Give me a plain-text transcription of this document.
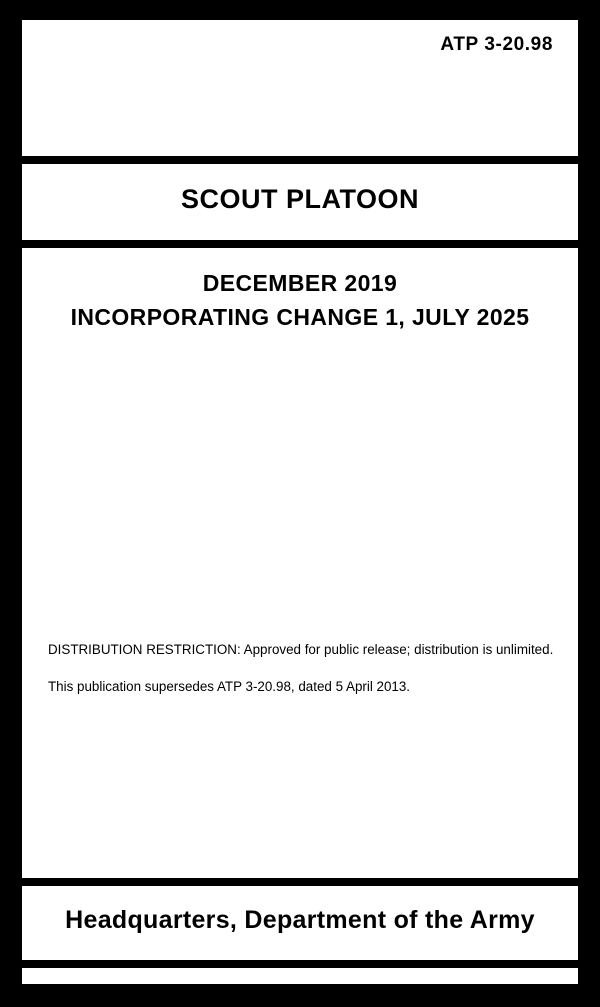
ATP 3-20.98
SCOUT PLATOON
DECEMBER 2019
INCORPORATING CHANGE 1, JULY 2025
DISTRIBUTION RESTRICTION: Approved for public release; distribution is unlimited.
This publication supersedes ATP 3-20.98, dated 5 April 2013.
Headquarters, Department of the Army
